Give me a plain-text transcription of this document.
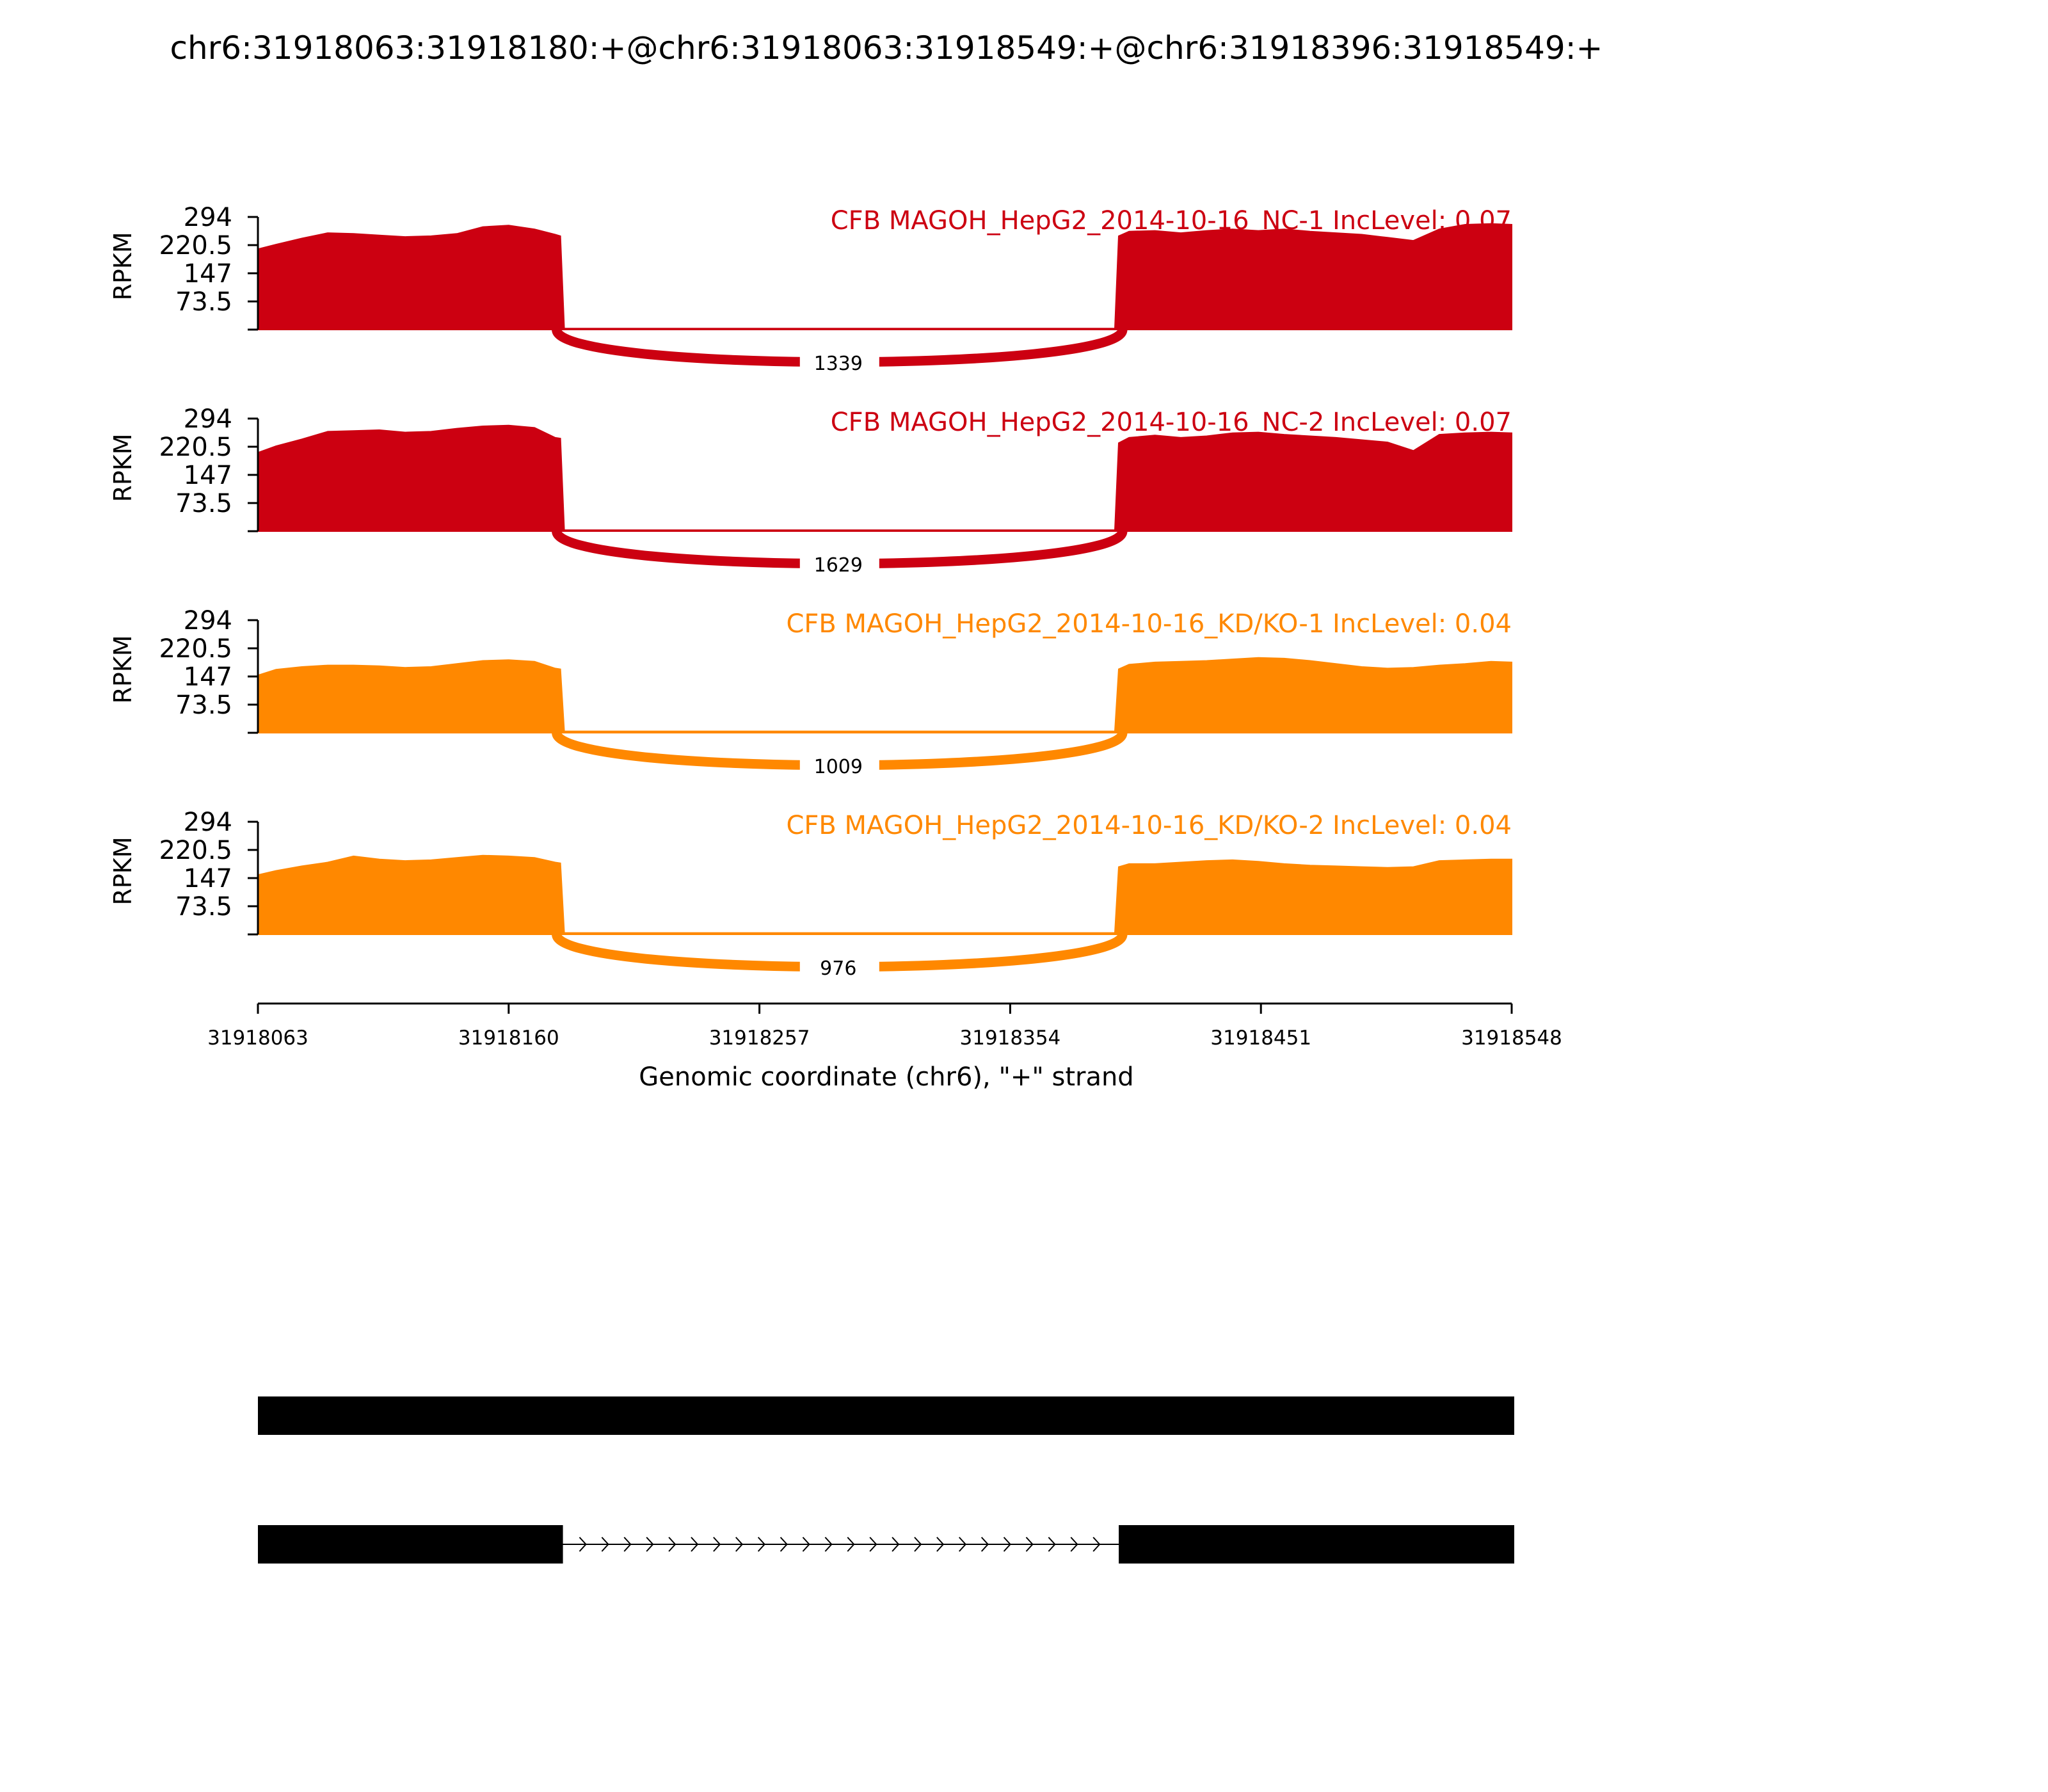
chr6:31918063:31918180:+@chr6:31918063:31918549:+@chr6:31918396:31918549:+
1339
CFB MAGOH_HepG2_2014-10-16_NC-1 IncLevel: 0.07
73.5
147
220.5
294
RPKM
1629
CFB MAGOH_HepG2_2014-10-16_NC-2 IncLevel: 0.07
73.5
147
220.5
294
RPKM
1009
CFB MAGOH_HepG2_2014-10-16_KD/KO-1 IncLevel: 0.04
73.5
147
220.5
294
RPKM
976
CFB MAGOH_HepG2_2014-10-16_KD/KO-2 IncLevel: 0.04
73.5
147
220.5
294
RPKM
31918063	31918160	31918257	31918354	31918451	31918548
Genomic coordinate (chr6), "+" strand
